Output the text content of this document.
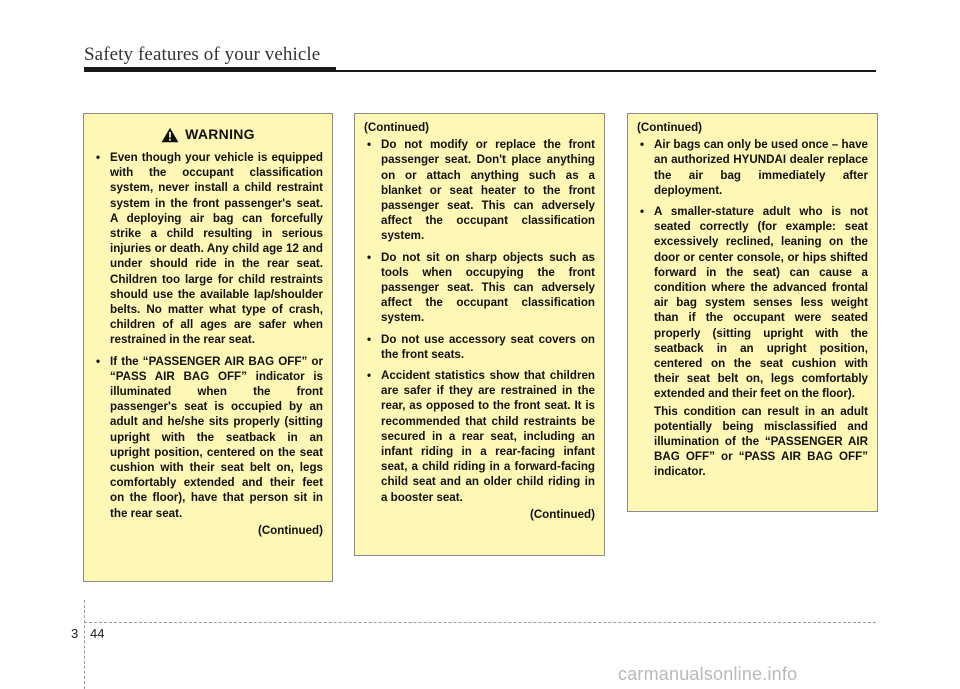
Safety features of your vehicle
WARNING
• Even though your vehicle is equipped with the occupant classification system, never install a child restraint system in the front passenger's seat. A deploying air bag can forcefully strike a child resulting in serious injuries or death. Any child age 12 and under should ride in the rear seat. Children too large for child restraints should use the available lap/shoulder belts. No matter what type of crash, children of all ages are safer when restrained in the rear seat.
• If the “PASSENGER AIR BAG OFF” or “PASS AIR BAG OFF” indicator is illuminated when the front passenger's seat is occupied by an adult and he/she sits properly (sitting upright with the seatback in an upright position, centered on the seat cushion with their seat belt on, legs comfortably extended and their feet on the floor), have that person sit in the rear seat.
(Continued)
(Continued)
• Do not modify or replace the front passenger seat. Don't place anything on or attach anything such as a blanket or seat heater to the front passenger seat. This can adversely affect the occupant classification system.
• Do not sit on sharp objects such as tools when occupying the front passenger seat. This can adversely affect the occupant classification system.
• Do not use accessory seat covers on the front seats.
• Accident statistics show that children are safer if they are restrained in the rear, as opposed to the front seat. It is recommended that child restraints be secured in a rear seat, including an infant riding in a rear-facing infant seat, a child riding in a forward-facing child seat and an older child riding in a booster seat.
(Continued)
(Continued)
• Air bags can only be used once – have an authorized HYUNDAI dealer replace the air bag immediately after deployment.
• A smaller-stature adult who is not seated correctly (for example: seat excessively reclined, leaning on the door or center console, or hips shifted forward in the seat) can cause a condition where the advanced frontal air bag system senses less weight than if the occupant were seated properly (sitting upright with the seatback in an upright position, centered on the seat cushion with their seat belt on, legs comfortably extended and their feet on the floor).
This condition can result in an adult potentially being misclassified and illumination of the “PASSENGER AIR BAG OFF” or “PASS AIR BAG OFF” indicator.
3 44
carmanualsonline.info
